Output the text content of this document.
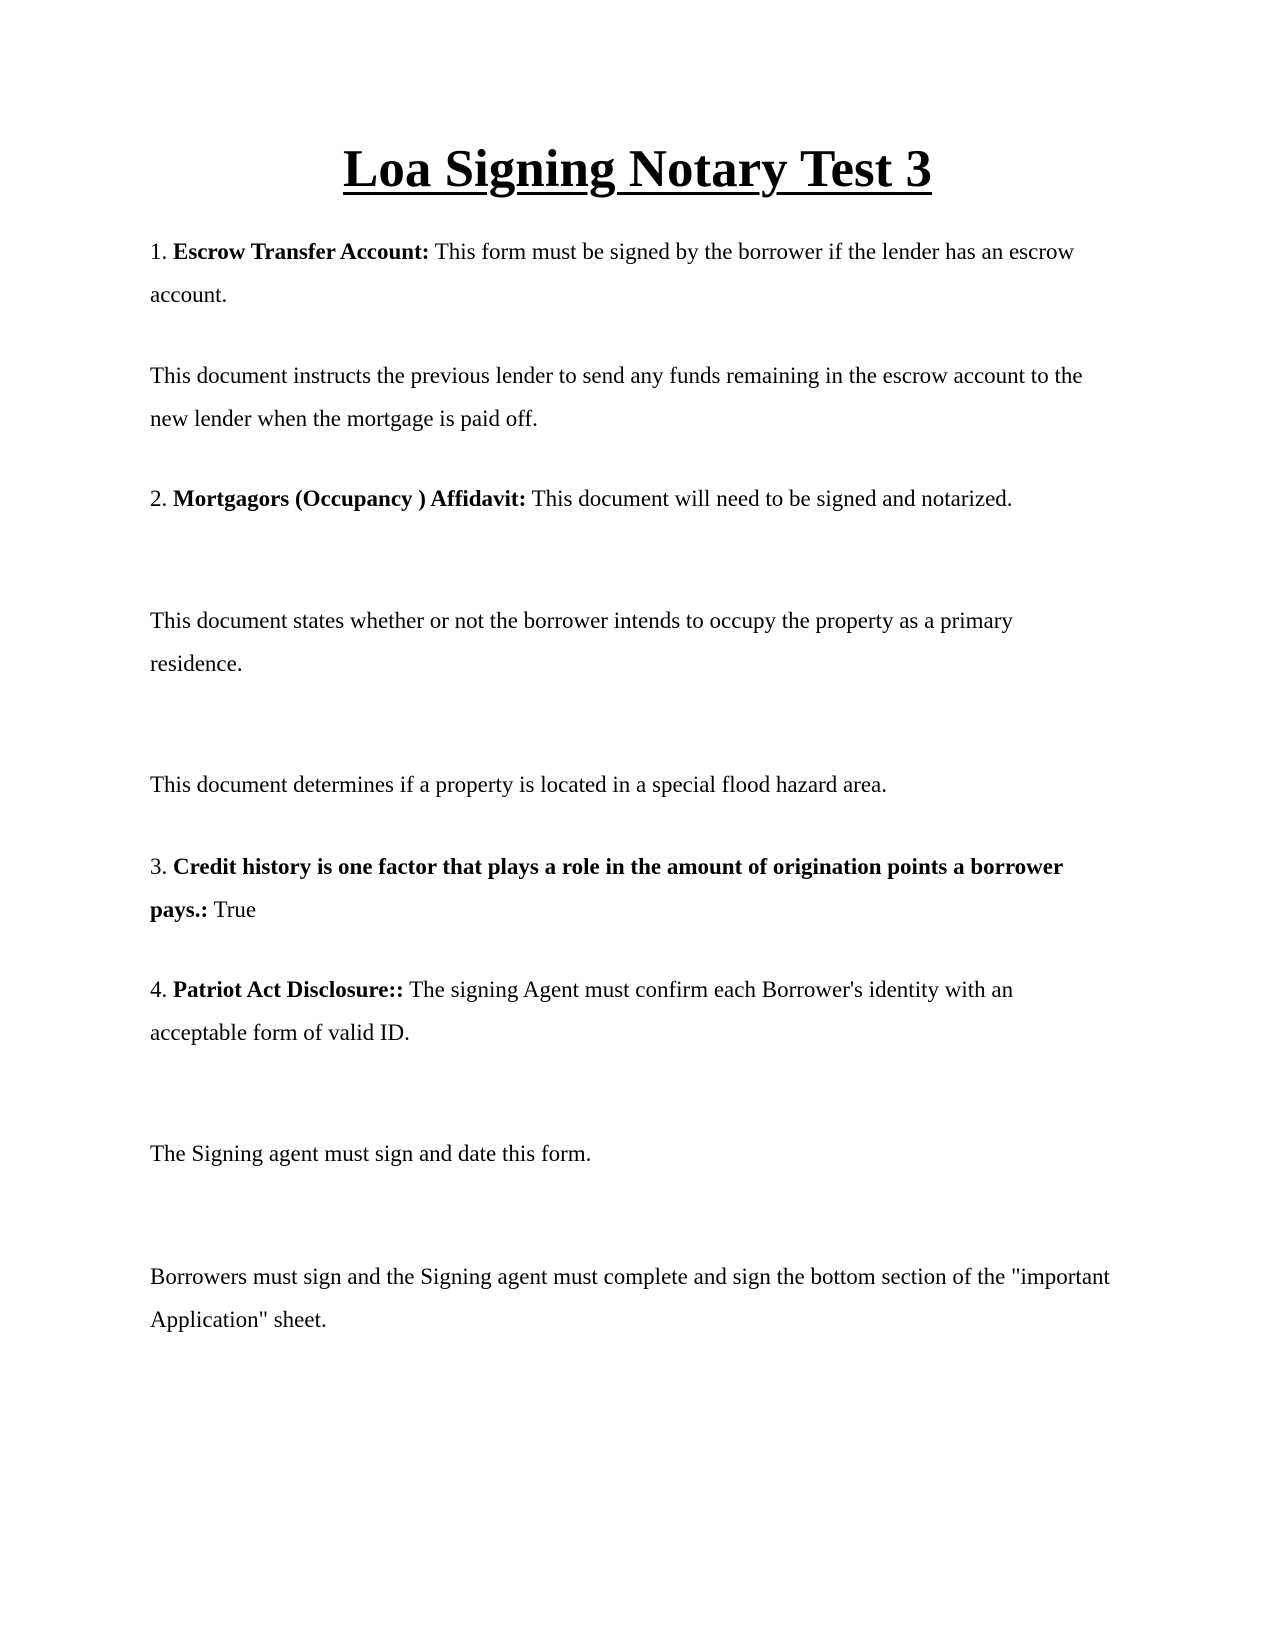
Loa Signing Notary Test 3

1. Escrow Transfer Account: This form must be signed by the borrower if the lender has an escrow account.

This document instructs the previous lender to send any funds remaining in the escrow account to the new lender when the mortgage is paid off.

2. Mortgagors (Occupancy ) Affidavit: This document will need to be signed and notarized.

This document states whether or not the borrower intends to occupy the property as a primary residence.

This document determines if a property is located in a special flood hazard area.

3. Credit history is one factor that plays a role in the amount of origination points a borrower pays.: True

4. Patriot Act Disclosure:: The signing Agent must confirm each Borrower's identity with an acceptable form of valid ID.

The Signing agent must sign and date this form.

Borrowers must sign and the Signing agent must complete and sign the bottom section of the "important Application" sheet.
